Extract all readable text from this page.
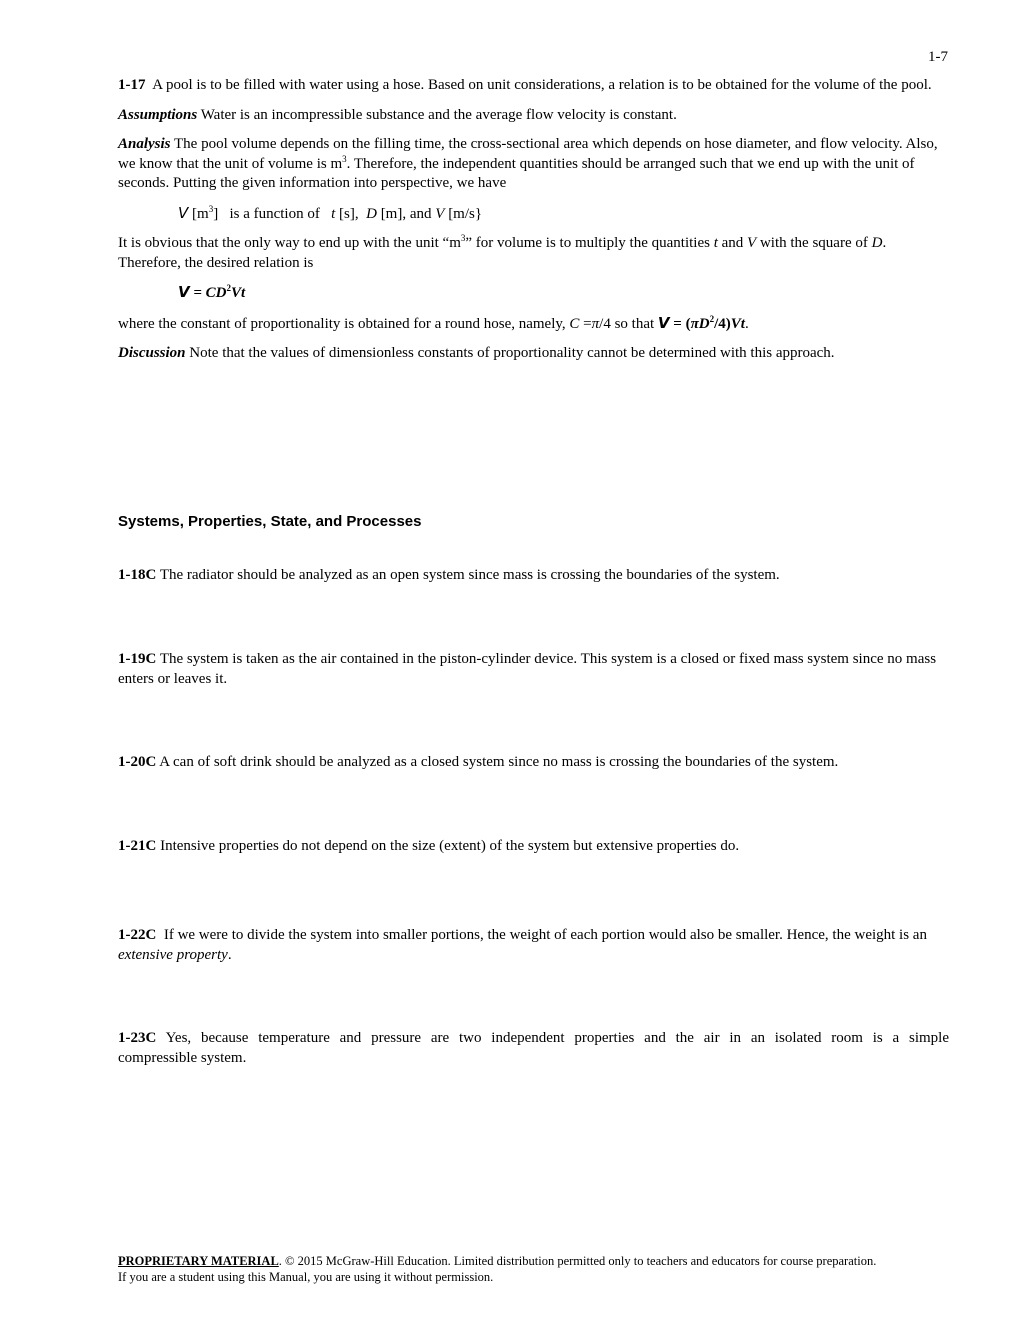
1-7

1-17 A pool is to be filled with water using a hose. Based on unit considerations, a relation is to be obtained for the volume of the pool.

Assumptions Water is an incompressible substance and the average flow velocity is constant.

Analysis The pool volume depends on the filling time, the cross-sectional area which depends on hose diameter, and flow velocity. Also, we know that the unit of volume is $m^3$. Therefore, the independent quantities should be arranged such that we end up with the unit of seconds. Putting the given information into perspective, we have

V $[m^3]$ is a function of t [s], D [m], and V [m/s}

It is obvious that the only way to end up with the unit “$m^3$” for volume is to multiply the quantities t and V with the square of D. Therefore, the desired relation is

$V = CD^2Vt$

where the constant of proportionality is obtained for a round hose, namely, C =π/4 so that $V = (\pi D^2/4)Vt$.

Discussion Note that the values of dimensionless constants of proportionality cannot be determined with this approach.

Systems, Properties, State, and Processes
1-18C The radiator should be analyzed as an open system since mass is crossing the boundaries of the system.
1-19C The system is taken as the air contained in the piston-cylinder device. This system is a closed or fixed mass system since no mass enters or leaves it.
1-20C A can of soft drink should be analyzed as a closed system since no mass is crossing the boundaries of the system.
1-21C Intensive properties do not depend on the size (extent) of the system but extensive properties do.
1-22C If we were to divide the system into smaller portions, the weight of each portion would also be smaller. Hence, the weight is an extensive property.
1-23C Yes, because temperature and pressure are two independent properties and the air in an isolated room is a simple
compressible system.
PROPRIETARY MATERIAL. © 2015 McGraw-Hill Education. Limited distribution permitted only to teachers and educators for course preparation.
If you are a student using this Manual, you are using it without permission.
